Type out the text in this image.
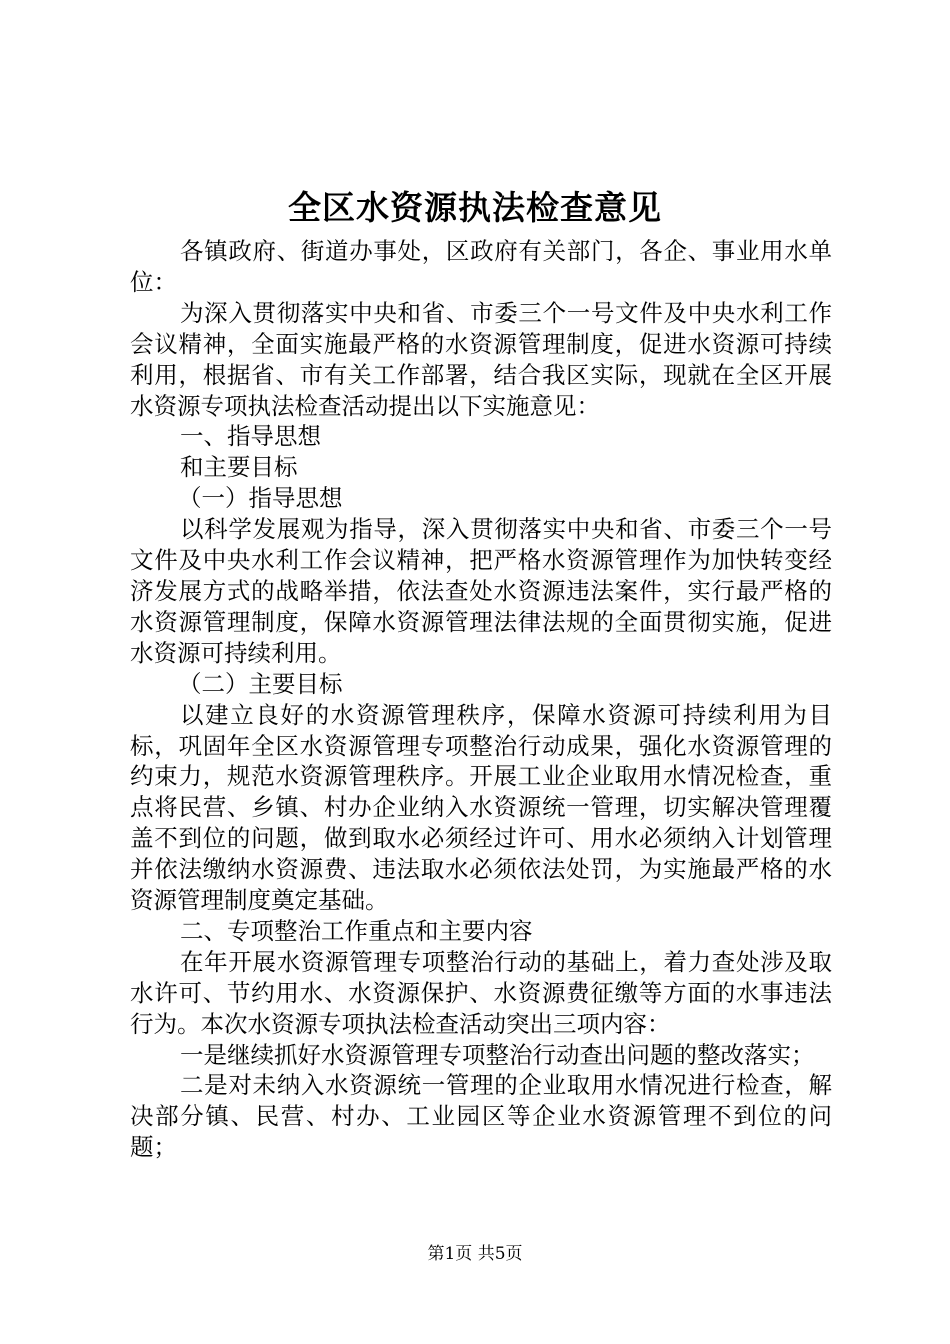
全区水资源执法检查意见

各镇政府、街道办事处，区政府有关部门，各企、事业用水单位：

为深入贯彻落实中央和省、市委三个一号文件及中央水利工作会议精神，全面实施最严格的水资源管理制度，促进水资源可持续利用，根据省、市有关工作部署，结合我区实际，现就在全区开展水资源专项执法检查活动提出以下实施意见：

一、指导思想

和主要目标

（一）指导思想

以科学发展观为指导，深入贯彻落实中央和省、市委三个一号文件及中央水利工作会议精神，把严格水资源管理作为加快转变经济发展方式的战略举措，依法查处水资源违法案件，实行最严格的水资源管理制度，保障水资源管理法律法规的全面贯彻实施，促进水资源可持续利用。

（二）主要目标

以建立良好的水资源管理秩序，保障水资源可持续利用为目标，巩固年全区水资源管理专项整治行动成果，强化水资源管理的约束力，规范水资源管理秩序。开展工业企业取用水情况检查，重点将民营、乡镇、村办企业纳入水资源统一管理，切实解决管理覆盖不到位的问题，做到取水必须经过许可、用水必须纳入计划管理并依法缴纳水资源费、违法取水必须依法处罚，为实施最严格的水资源管理制度奠定基础。

二、专项整治工作重点和主要内容

在年开展水资源管理专项整治行动的基础上，着力查处涉及取水许可、节约用水、水资源保护、水资源费征缴等方面的水事违法行为。本次水资源专项执法检查活动突出三项内容：

一是继续抓好水资源管理专项整治行动查出问题的整改落实；

二是对未纳入水资源统一管理的企业取用水情况进行检查，解决部分镇、民营、村办、工业园区等企业水资源管理不到位的问题；

第1页 共5页
